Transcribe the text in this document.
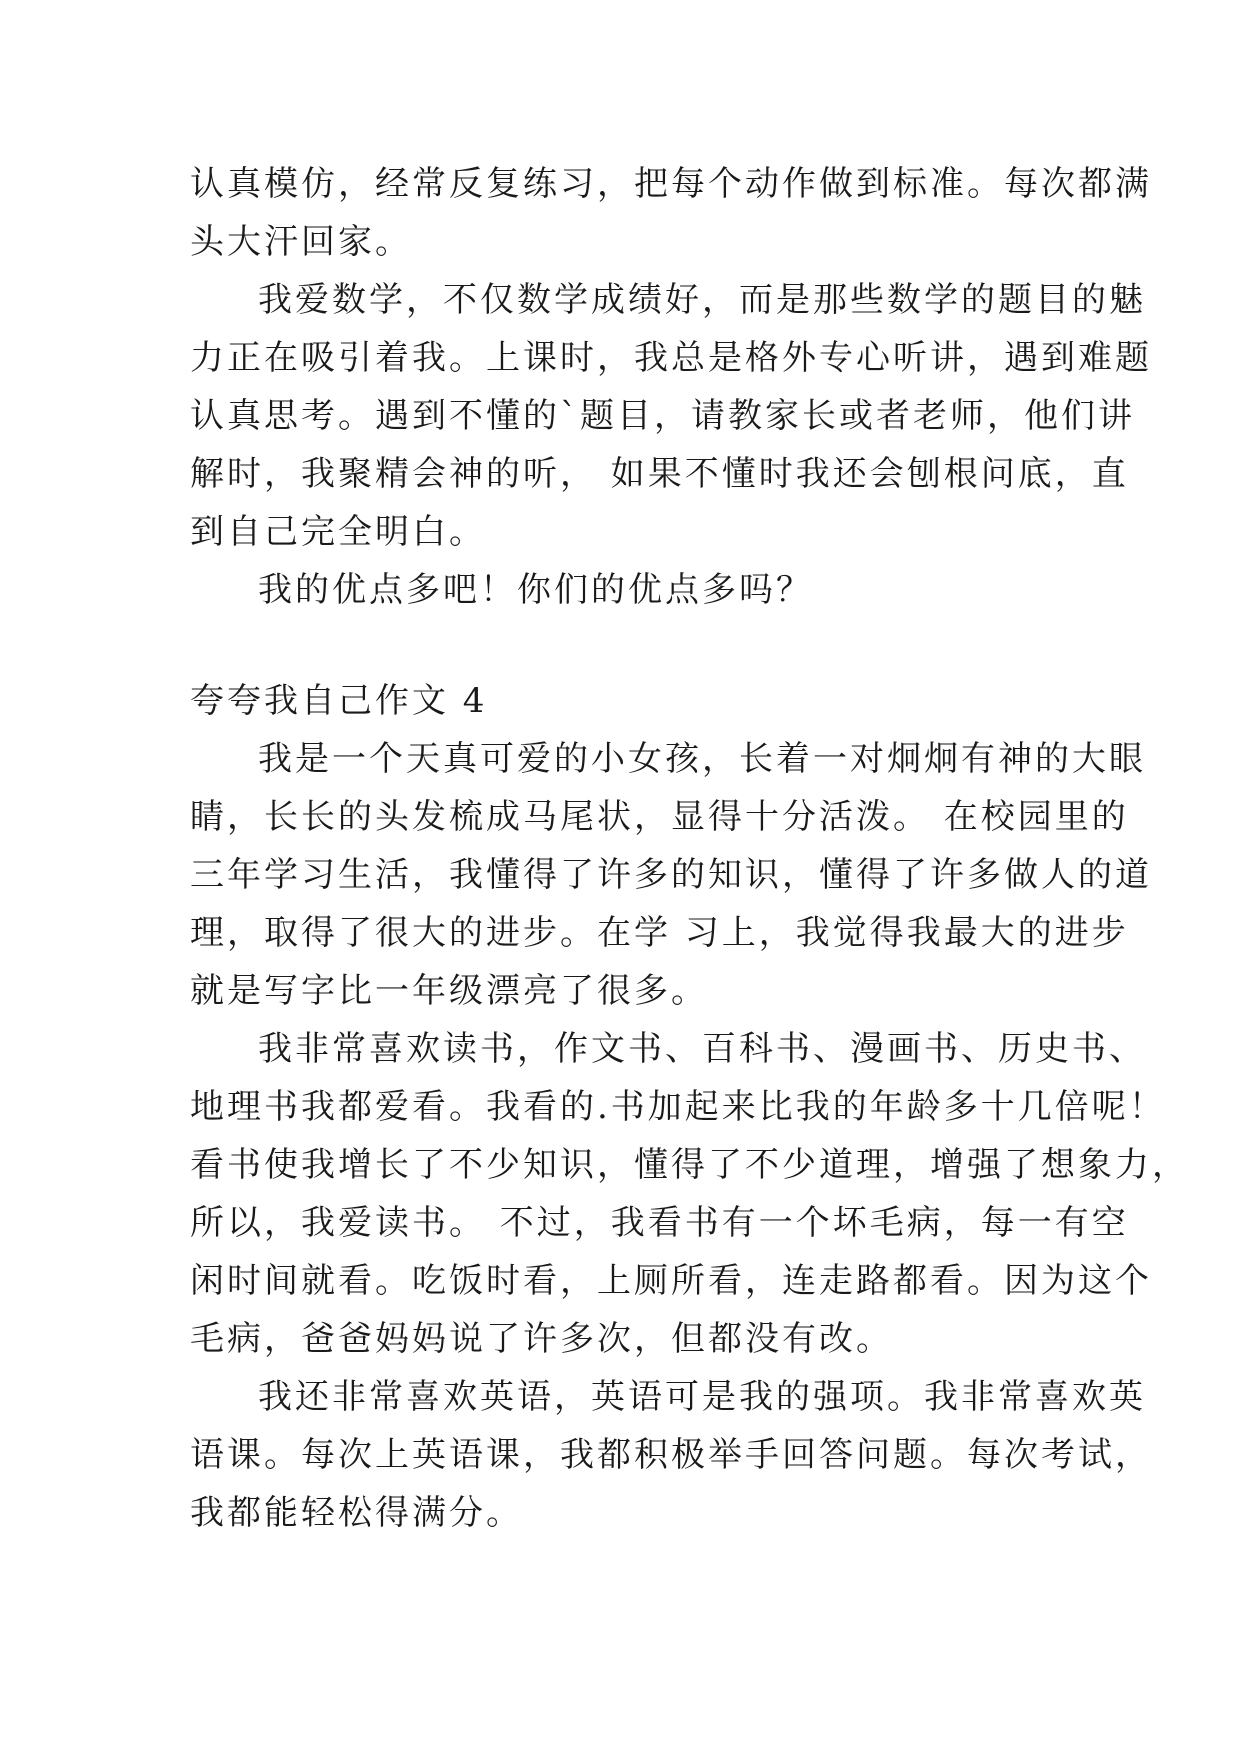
认真模仿，经常反复练习，把每个动作做到标准。每次都满
头大汗回家。
我爱数学，不仅数学成绩好，而是那些数学的题目的魅
力正在吸引着我。上课时，我总是格外专心听讲，遇到难题
认真思考。遇到不懂的`题目，请教家长或者老师，他们讲
解时，我聚精会神的听， 如果不懂时我还会刨根问底，直
到自己完全明白。
我的优点多吧！你们的优点多吗？
夸夸我自己作文 4
我是一个天真可爱的小女孩，长着一对炯炯有神的大眼
睛，长长的头发梳成马尾状，显得十分活泼。 在校园里的
三年学习生活，我懂得了许多的知识，懂得了许多做人的道
理，取得了很大的进步。在学 习上，我觉得我最大的进步
就是写字比一年级漂亮了很多。
我非常喜欢读书，作文书、百科书、漫画书、历史书、
地理书我都爱看。我看的.书加起来比我的年龄多十几倍呢！
看书使我增长了不少知识，懂得了不少道理，增强了想象力，
所以，我爱读书。 不过，我看书有一个坏毛病，每一有空
闲时间就看。吃饭时看，上厕所看，连走路都看。因为这个
毛病，爸爸妈妈说了许多次，但都没有改。
我还非常喜欢英语，英语可是我的强项。我非常喜欢英
语课。每次上英语课，我都积极举手回答问题。每次考试，
我都能轻松得满分。
